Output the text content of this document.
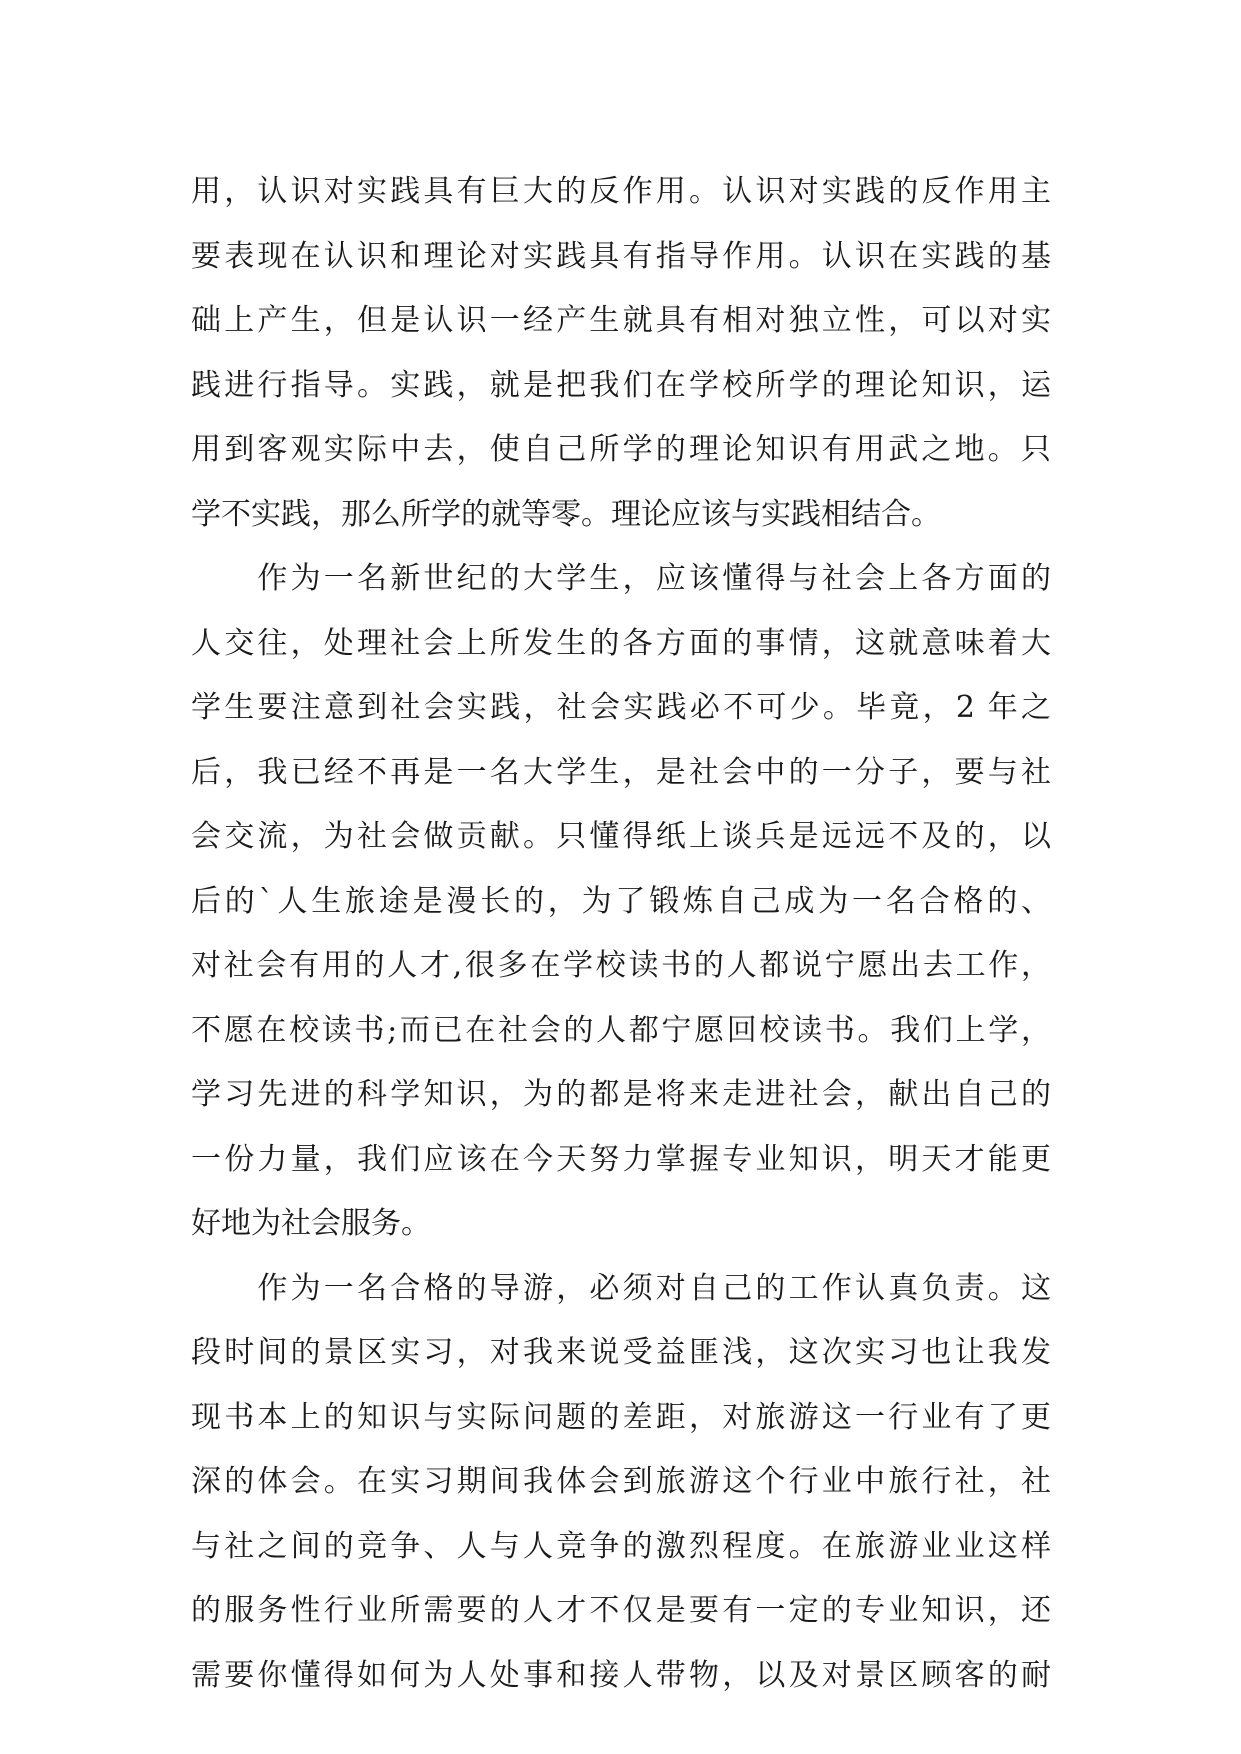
用，认识对实践具有巨大的反作用。认识对实践的反作用主
要表现在认识和理论对实践具有指导作用。认识在实践的基
础上产生，但是认识一经产生就具有相对独立性，可以对实
践进行指导。实践，就是把我们在学校所学的理论知识，运
用到客观实际中去，使自己所学的理论知识有用武之地。只
学不实践，那么所学的就等零。理论应该与实践相结合。
　　作为一名新世纪的大学生，应该懂得与社会上各方面的
人交往，处理社会上所发生的各方面的事情，这就意味着大
学生要注意到社会实践，社会实践必不可少。毕竟，2 年之
后，我已经不再是一名大学生，是社会中的一分子，要与社
会交流，为社会做贡献。只懂得纸上谈兵是远远不及的，以
后的`人生旅途是漫长的，为了锻炼自己成为一名合格的、
对社会有用的人才,很多在学校读书的人都说宁愿出去工作，
不愿在校读书;而已在社会的人都宁愿回校读书。我们上学，
学习先进的科学知识，为的都是将来走进社会，献出自己的
一份力量，我们应该在今天努力掌握专业知识，明天才能更
好地为社会服务。
　　作为一名合格的导游，必须对自己的工作认真负责。这
段时间的景区实习，对我来说受益匪浅，这次实习也让我发
现书本上的知识与实际问题的差距，对旅游这一行业有了更
深的体会。在实习期间我体会到旅游这个行业中旅行社，社
与社之间的竞争、人与人竞争的激烈程度。在旅游业业这样
的服务性行业所需要的人才不仅是要有一定的专业知识，还
需要你懂得如何为人处事和接人带物，以及对景区顾客的耐
